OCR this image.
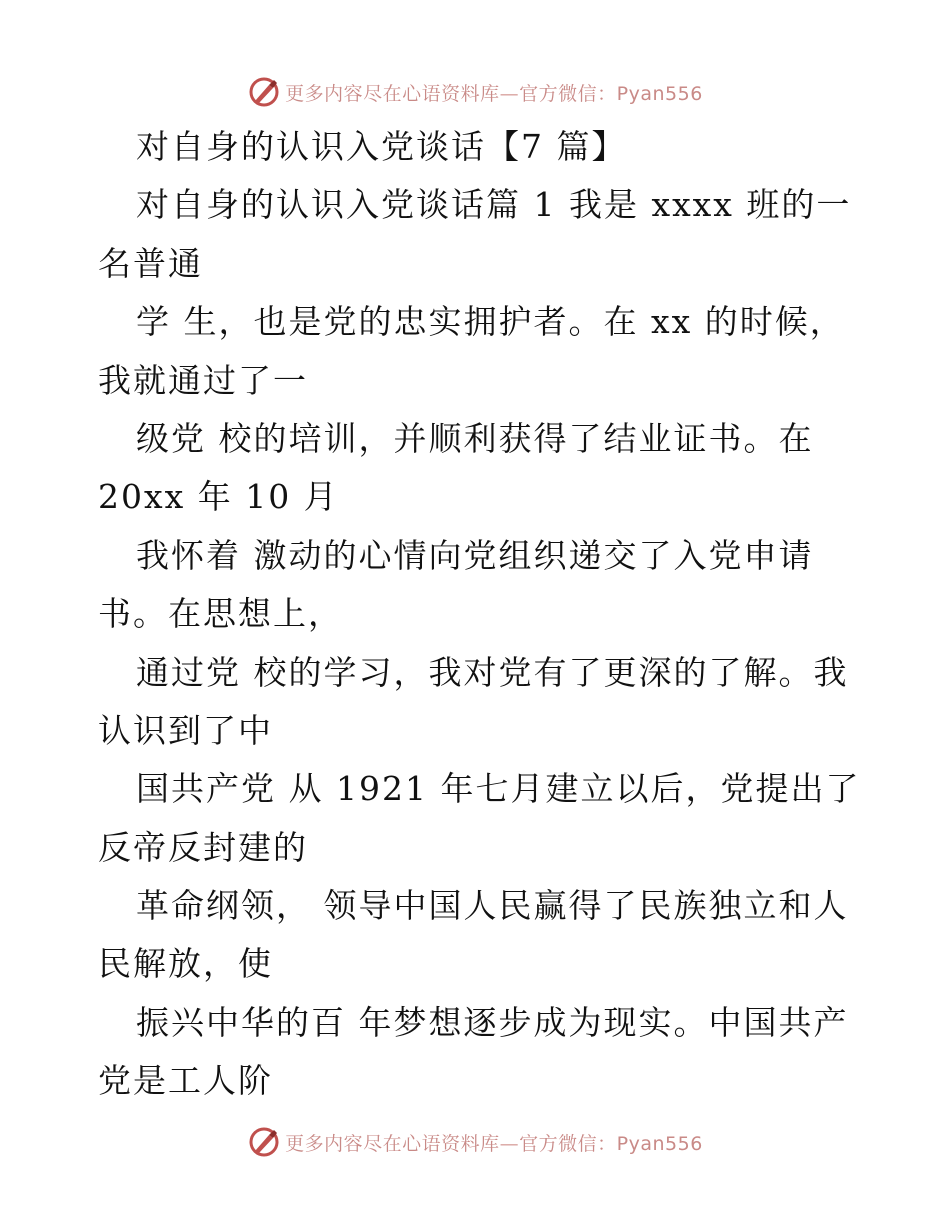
更多内容尽在心语资料库—官方微信：Pyan556
对自身的认识入党谈话【7 篇】
对自身的认识入党谈话篇 1 我是 xxxx 班的一
名普通
学 生，也是党的忠实拥护者。在 xx 的时候，
我就通过了一
级党 校的培训，并顺利获得了结业证书。在
20xx 年 10 月
我怀着 激动的心情向党组织递交了入党申请
书。在思想上，
通过党 校的学习，我对党有了更深的了解。我
认识到了中
国共产党 从 1921 年七月建立以后，党提出了
反帝反封建的
革命纲领， 领导中国人民赢得了民族独立和人
民解放，使
振兴中华的百 年梦想逐步成为现实。中国共产
党是工人阶
更多内容尽在心语资料库—官方微信：Pyan556
